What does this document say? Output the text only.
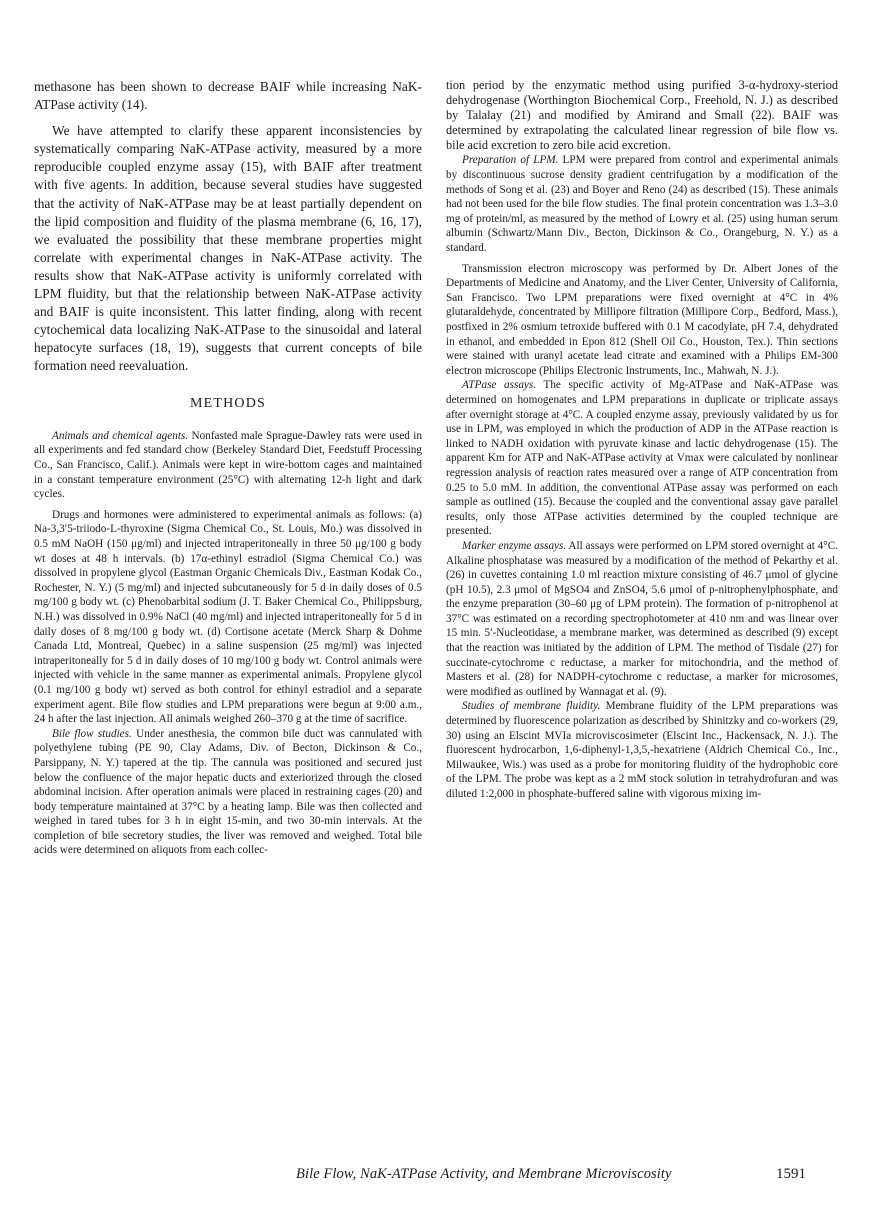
methasone has been shown to decrease BAIF while increasing NaK-ATPase activity (14).

We have attempted to clarify these apparent inconsistencies by systematically comparing NaK-ATPase activity, measured by a more reproducible coupled enzyme assay (15), with BAIF after treatment with five agents. In addition, because several studies have suggested that the activity of NaK-ATPase may be at least partially dependent on the lipid composition and fluidity of the plasma membrane (6, 16, 17), we evaluated the possibility that these membrane properties might correlate with experimental changes in NaK-ATPase activity. The results show that NaK-ATPase activity is uniformly correlated with LPM fluidity, but that the relationship between NaK-ATPase activity and BAIF is quite inconsistent. This latter finding, along with recent cytochemical data localizing NaK-ATPase to the sinusoidal and lateral hepatocyte surfaces (18, 19), suggests that current concepts of bile formation need reevaluation.

METHODS

Animals and chemical agents. Nonfasted male Sprague-Dawley rats were used in all experiments and fed standard chow (Berkeley Standard Diet, Feedstuff Processing Co., San Francisco, Calif.). Animals were kept in wire-bottom cages and maintained in a constant temperature environment (25°C) with alternating 12-h light and dark cycles.

Drugs and hormones were administered to experimental animals as follows: (a) Na-3,3′5-triiodo-L-thyroxine (Sigma Chemical Co., St. Louis, Mo.) was dissolved in 0.5 mM NaOH (150 μg/ml) and injected intraperitoneally in three 50 μg/100 g body wt doses at 48 h intervals. (b) 17α-ethinyl estradiol (Sigma Chemical Co.) was dissolved in propylene glycol (Eastman Organic Chemicals Div., Eastman Kodak Co., Rochester, N. Y.) (5 mg/ml) and injected subcutaneously for 5 d in daily doses of 0.5 mg/100 g body wt. (c) Phenobarbital sodium (J. T. Baker Chemical Co., Philippsburg, N.H.) was dissolved in 0.9% NaCl (40 mg/ml) and injected intraperitoneally for 5 d in daily doses of 8 mg/100 g body wt. (d) Cortisone acetate (Merck Sharp & Dohme Canada Ltd, Montreal, Quebec) in a saline suspension (25 mg/ml) was injected intraperitoneally for 5 d in daily doses of 10 mg/100 g body wt. Control animals were injected with vehicle in the same manner as experimental animals. Propylene glycol (0.1 mg/100 g body wt) served as both control for ethinyl estradiol and a separate experiment agent. Bile flow studies and LPM preparations were begun at 9:00 a.m., 24 h after the last injection. All animals weighed 260–370 g at the time of sacrifice.

Bile flow studies. Under anesthesia, the common bile duct was cannulated with polyethylene tubing (PE 90, Clay Adams, Div. of Becton, Dickinson & Co., Parsippany, N. Y.) tapered at the tip. The cannula was positioned and secured just below the confluence of the major hepatic ducts and exteriorized through the closed abdominal incision. After operation animals were placed in restraining cages (20) and body temperature maintained at 37°C by a heating lamp. Bile was then collected and weighed in tared tubes for 3 h in eight 15-min, and two 30-min intervals. At the completion of bile secretory studies, the liver was removed and weighed. Total bile acids were determined on aliquots from each collec-

tion period by the enzymatic method using purified 3-α-hydroxy-steriod dehydrogenase (Worthington Biochemical Corp., Freehold, N. J.) as described by Talalay (21) and modified by Amirand and Small (22). BAIF was determined by extrapolating the calculated linear regression of bile flow vs. bile acid excretion to zero bile acid excretion.

Preparation of LPM. LPM were prepared from control and experimental animals by discontinuous sucrose density gradient centrifugation by a modification of the methods of Song et al. (23) and Boyer and Reno (24) as described (15). These animals had not been used for the bile flow studies. The final protein concentration was 1.3–3.0 mg of protein/ml, as measured by the method of Lowry et al. (25) using human serum albumin (Schwartz/Mann Div., Becton, Dickinson & Co., Orangeburg, N. Y.) as a standard.

Transmission electron microscopy was performed by Dr. Albert Jones of the Departments of Medicine and Anatomy, and the Liver Center, University of California, San Francisco. Two LPM preparations were fixed overnight at 4°C in 4% glutaraldehyde, concentrated by Millipore filtration (Millipore Corp., Bedford, Mass.), postfixed in 2% osmium tetroxide buffered with 0.1 M cacodylate, pH 7.4, dehydrated in ethanol, and embedded in Epon 812 (Shell Oil Co., Houston, Tex.). Thin sections were stained with uranyl acetate lead citrate and examined with a Philips EM-300 electron microscope (Philips Electronic Instruments, Inc., Mahwah, N. J.).

ATPase assays. The specific activity of Mg-ATPase and NaK-ATPase was determined on homogenates and LPM preparations in duplicate or triplicate assays after overnight storage at 4°C. A coupled enzyme assay, previously validated by us for use in LPM, was employed in which the production of ADP in the ATPase reaction is linked to NADH oxidation with pyruvate kinase and lactic dehydrogenase (15). The apparent Km for ATP and NaK-ATPase activity at Vmax were calculated by nonlinear regression analysis of reaction rates measured over a range of ATP concentration from 0.25 to 5.0 mM. In addition, the conventional ATPase assay was performed on each sample as outlined (15). Because the coupled and the conventional assay gave parallel results, only those ATPase activities determined by the coupled technique are presented.

Marker enzyme assays. All assays were performed on LPM stored overnight at 4°C. Alkaline phosphatase was measured by a modification of the method of Pekarthy et al. (26) in cuvettes containing 1.0 ml reaction mixture consisting of 46.7 μmol of glycine (pH 10.5), 2.3 μmol of MgSO4 and ZnSO4, 5.6 μmol of p-nitrophenylphosphate, and the enzyme preparation (30–60 μg of LPM protein). The formation of p-nitrophenol at 37°C was estimated on a recording spectrophotometer at 410 nm and was linear over 15 min. 5′-Nucleotidase, a membrane marker, was determined as described (9) except that the reaction was initiated by the addition of LPM. The method of Tisdale (27) for succinate-cytochrome c reductase, a marker for mitochondria, and the method of Masters et al. (28) for NADPH-cytochrome c reductase, a marker for microsomes, were modified as outlined by Wannagat et al. (9).

Studies of membrane fluidity. Membrane fluidity of the LPM preparations was determined by fluorescence polarization as described by Shinitzky and co-workers (29, 30) using an Elscint MVIa microviscosimeter (Elscint Inc., Hackensack, N. J.). The fluorescent hydrocarbon, 1,6-diphenyl-1,3,5,-hexatriene (Aldrich Chemical Co., Inc., Milwaukee, Wis.) was used as a probe for monitoring fluidity of the hydrophobic core of the LPM. The probe was kept as a 2 mM stock solution in tetrahydrofuran and was diluted 1:2,000 in phosphate-buffered saline with vigorous mixing im-

Bile Flow, NaK-ATPase Activity, and Membrane Microviscosity	1591
